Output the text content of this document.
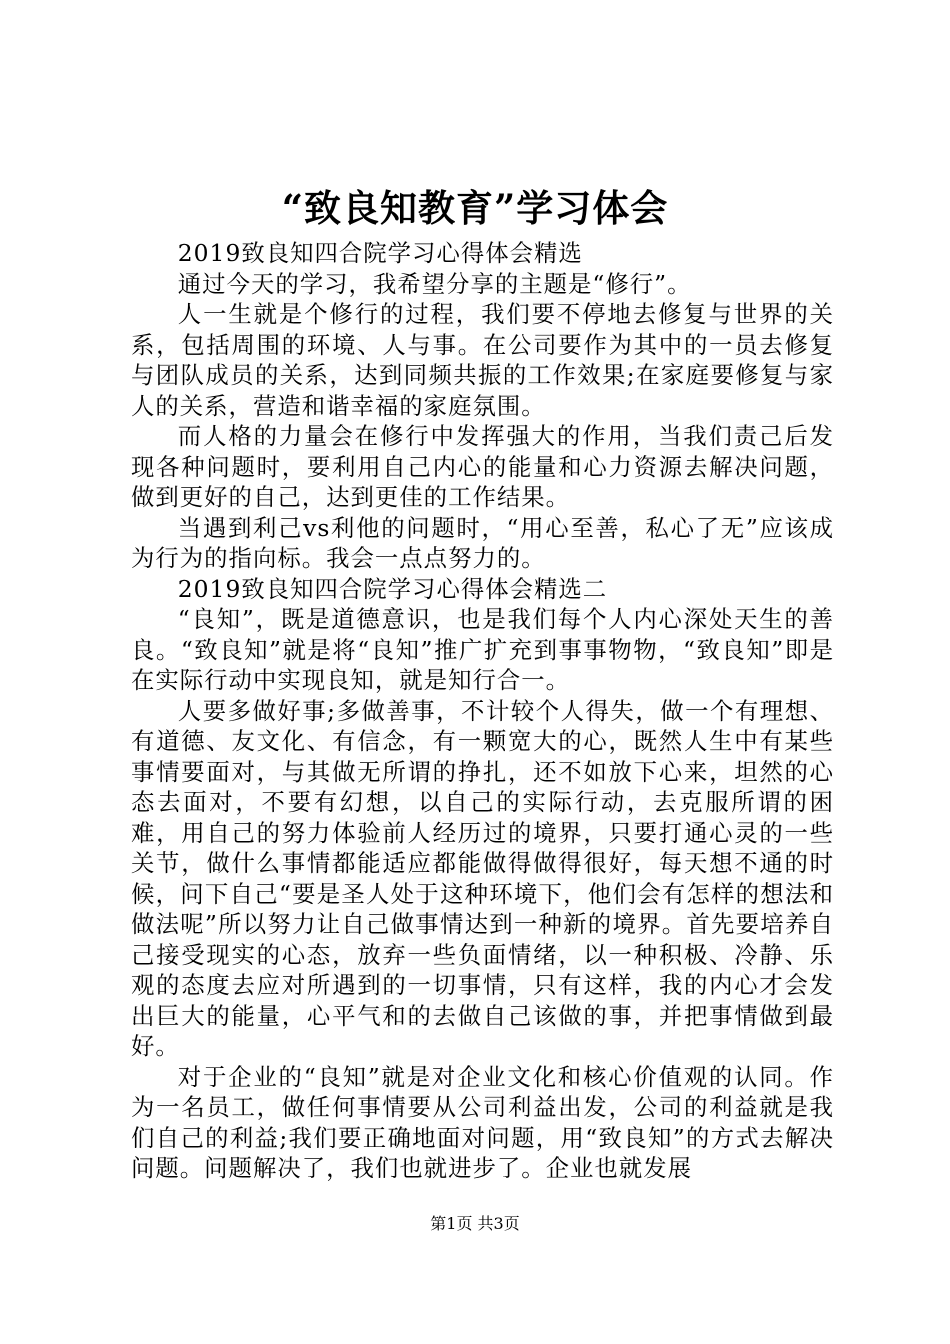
“致良知教育”学习体会

2019致良知四合院学习心得体会精选

通过今天的学习，我希望分享的主题是“修行”。

人一生就是个修行的过程，我们要不停地去修复与世界的关系，包括周围的环境、人与事。在公司要作为其中的一员去修复与团队成员的关系，达到同频共振的工作效果;在家庭要修复与家人的关系，营造和谐幸福的家庭氛围。

而人格的力量会在修行中发挥强大的作用，当我们责己后发现各种问题时，要利用自己内心的能量和心力资源去解决问题，做到更好的自己，达到更佳的工作结果。

当遇到利己vs利他的问题时，“用心至善，私心了无”应该成为行为的指向标。我会一点点努力的。

2019致良知四合院学习心得体会精选二

“良知”，既是道德意识，也是我们每个人内心深处天生的善良。“致良知”就是将“良知”推广扩充到事事物物，“致良知”即是在实际行动中实现良知，就是知行合一。

人要多做好事;多做善事，不计较个人得失，做一个有理想、有道德、友文化、有信念，有一颗宽大的心，既然人生中有某些事情要面对，与其做无所谓的挣扎，还不如放下心来，坦然的心态去面对，不要有幻想，以自己的实际行动，去克服所谓的困难，用自己的努力体验前人经历过的境界，只要打通心灵的一些关节，做什么事情都能适应都能做得做得很好，每天想不通的时候，问下自己“要是圣人处于这种环境下，他们会有怎样的想法和做法呢”所以努力让自己做事情达到一种新的境界。首先要培养自己接受现实的心态，放弃一些负面情绪，以一种积极、冷静、乐观的态度去应对所遇到的一切事情，只有这样，我的内心才会发出巨大的能量，心平气和的去做自己该做的事，并把事情做到最好。

对于企业的“良知”就是对企业文化和核心价值观的认同。作为一名员工，做任何事情要从公司利益出发，公司的利益就是我们自己的利益;我们要正确地面对问题，用“致良知”的方式去解决问题。问题解决了，我们也就进步了。企业也就发展

第1页 共3页
